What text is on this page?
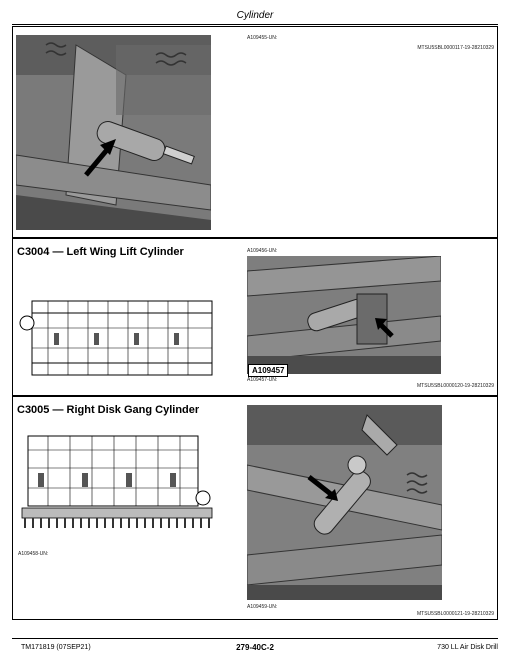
Cylinder
A109455-UN:
MTSU5SBL0000117-19-28210329
C3004 — Left Wing Lift Cylinder	A109456-UN:
A109457
A109457-UN:
MTSU5SBL0000120-19-28210329
C3005 — Right Disk Gang Cylinder
A109458-UN:
A109459-UN:
MTSU5SBL0000121-19-28210329
TM171819 (07SEP21)	279-40C-2	730 LL Air Disk Drill
